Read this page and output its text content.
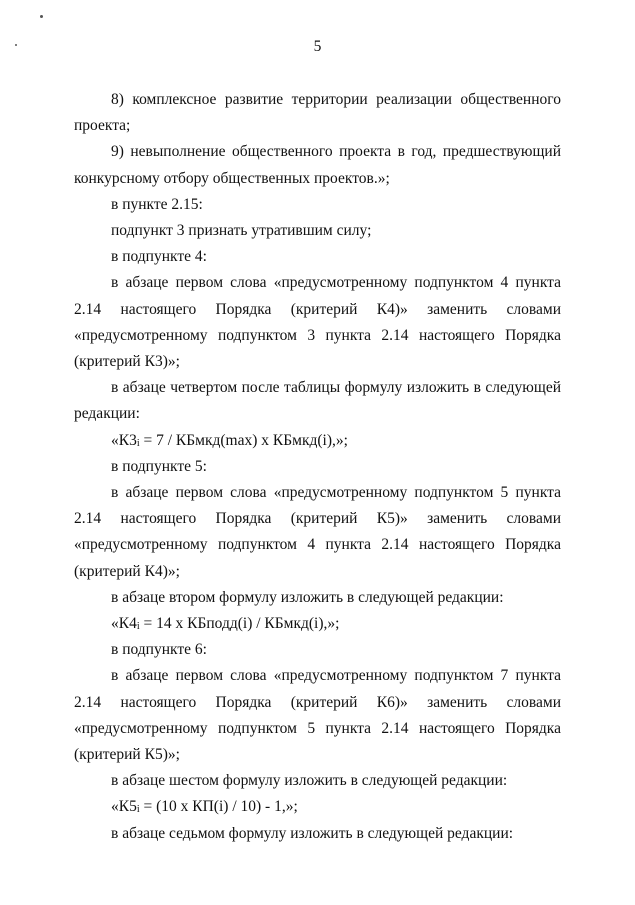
5

8) комплексное развитие территории реализации общественного проекта;

9) невыполнение общественного проекта в год, предшествующий конкурсному отбору общественных проектов.»;

в пункте 2.15:

подпункт 3 признать утратившим силу;

в подпункте 4:

в абзаце первом слова «предусмотренному подпунктом 4 пункта 2.14 настоящего Порядка (критерий К4)» заменить словами «предусмотренному подпунктом 3 пункта 2.14 настоящего Порядка (критерий К3)»;

в абзаце четвертом после таблицы формулу изложить в следующей редакции:

«$К3_i = 7$ / КБмкд(max) х КБмкд(i),»;

в подпункте 5:

в абзаце первом слова «предусмотренному подпунктом 5 пункта 2.14 настоящего Порядка (критерий К5)» заменить словами «предусмотренному подпунктом 4 пункта 2.14 настоящего Порядка (критерий К4)»;

в абзаце втором формулу изложить в следующей редакции:

«$К4_i = 14$ х КБподд(i) / КБмкд(i),»;

в подпункте 6:

в абзаце первом слова «предусмотренному подпунктом 7 пункта 2.14 настоящего Порядка (критерий К6)» заменить словами «предусмотренному подпунктом 5 пункта 2.14 настоящего Порядка (критерий К5)»;

в абзаце шестом формулу изложить в следующей редакции:

«$К5_i = (10$ х КП(i) / 10) - 1,»;

в абзаце седьмом формулу изложить в следующей редакции:
